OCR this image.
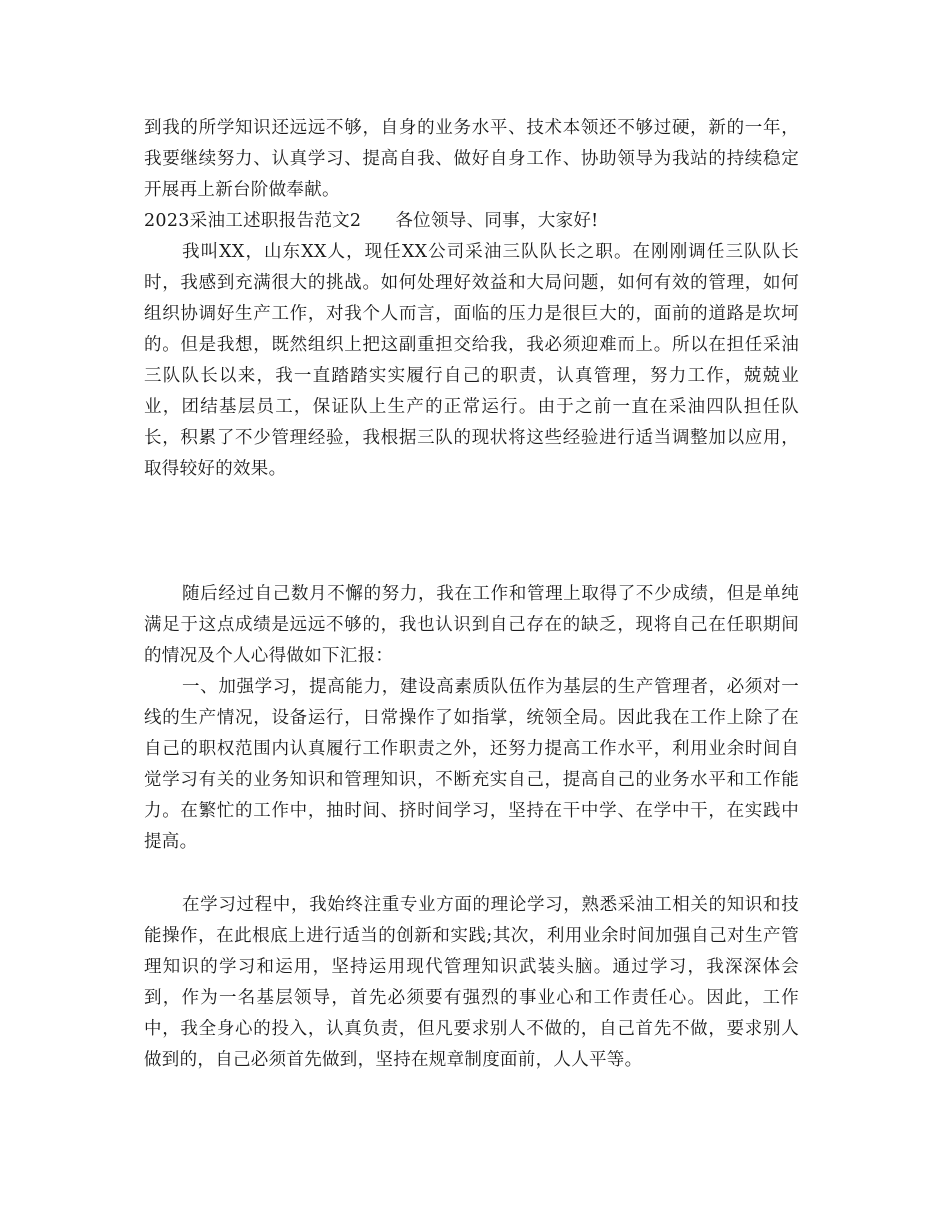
到我的所学知识还远远不够，自身的业务水平、技术本领还不够过硬，新的一年，我要继续努力、认真学习、提高自我、做好自身工作、协助领导为我站的持续稳定开展再上新台阶做奉献。

2023采油工述职报告范文2 各位领导、同事，大家好!

我叫XX，山东XX人，现任XX公司采油三队队长之职。在刚刚调任三队队长时，我感到充满很大的挑战。如何处理好效益和大局问题，如何有效的管理，如何组织协调好生产工作，对我个人而言，面临的压力是很巨大的，面前的道路是坎坷的。但是我想，既然组织上把这副重担交给我，我必须迎难而上。所以在担任采油三队队长以来，我一直踏踏实实履行自己的职责，认真管理，努力工作，兢兢业业，团结基层员工，保证队上生产的正常运行。由于之前一直在采油四队担任队长，积累了不少管理经验，我根据三队的现状将这些经验进行适当调整加以应用，取得较好的效果。

随后经过自己数月不懈的努力，我在工作和管理上取得了不少成绩，但是单纯满足于这点成绩是远远不够的，我也认识到自己存在的缺乏，现将自己在任职期间的情况及个人心得做如下汇报：

一、加强学习，提高能力，建设高素质队伍作为基层的生产管理者，必须对一线的生产情况，设备运行，日常操作了如指掌，统领全局。因此我在工作上除了在自己的职权范围内认真履行工作职责之外，还努力提高工作水平，利用业余时间自觉学习有关的业务知识和管理知识，不断充实自己，提高自己的业务水平和工作能力。在繁忙的工作中，抽时间、挤时间学习，坚持在干中学、在学中干，在实践中提高。

在学习过程中，我始终注重专业方面的理论学习，熟悉采油工相关的知识和技能操作，在此根底上进行适当的创新和实践;其次，利用业余时间加强自己对生产管理知识的学习和运用，坚持运用现代管理知识武装头脑。通过学习，我深深体会到，作为一名基层领导，首先必须要有强烈的事业心和工作责任心。因此，工作中，我全身心的投入，认真负责，但凡要求别人不做的，自己首先不做，要求别人做到的，自己必须首先做到，坚持在规章制度面前，人人平等。
